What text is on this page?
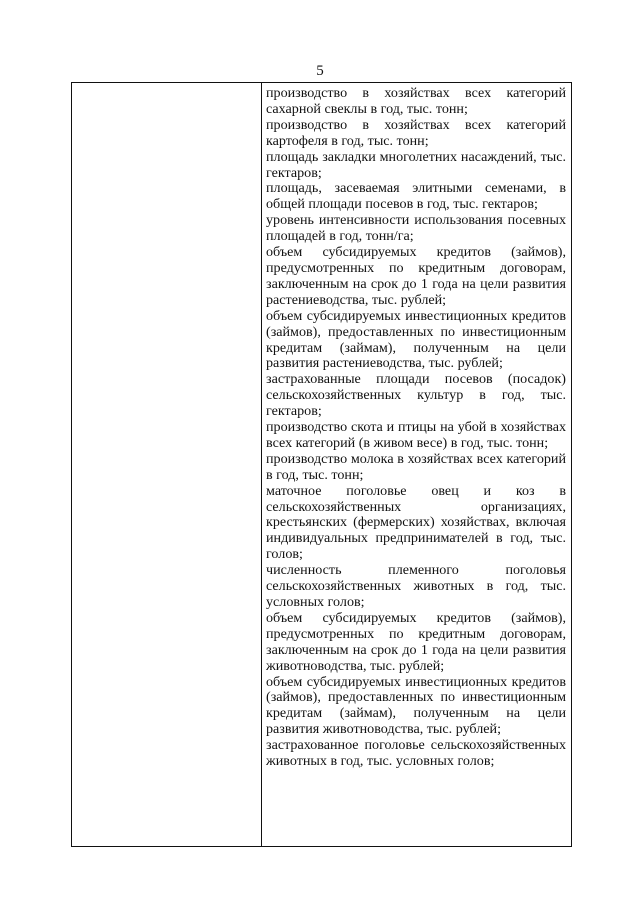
5

производство в хозяйствах всех категорий сахарной свеклы в год, тыс. тонн;

производство в хозяйствах всех категорий картофеля в год, тыс. тонн;

площадь закладки многолетних насаждений, тыс. гектаров;

площадь, засеваемая элитными семенами, в общей площади посевов в год, тыс. гектаров;

уровень интенсивности использования посевных площадей в год, тонн/га;

объем субсидируемых кредитов (займов), предусмотренных по кредитным договорам, заключенным на срок до 1 года на цели развития растениеводства, тыс. рублей;

объем субсидируемых инвестиционных кредитов (займов), предоставленных по инвестиционным кредитам (займам), полученным на цели развития растениеводства, тыс. рублей;

застрахованные площади посевов (посадок) сельскохозяйственных культур в год, тыс. гектаров;

производство скота и птицы на убой в хозяйствах всех категорий (в живом весе) в год, тыс. тонн;

производство молока в хозяйствах всех категорий в год, тыс. тонн;

маточное поголовье овец и коз в сельскохозяйственных организациях, крестьянских (фермерских) хозяйствах, включая индивидуальных предпринимателей в год, тыс. голов;

численность племенного поголовья сельскохозяйственных животных в год, тыс. условных голов;

объем субсидируемых кредитов (займов), предусмотренных по кредитным договорам, заключенным на срок до 1 года на цели развития животноводства, тыс. рублей;

объем субсидируемых инвестиционных кредитов (займов), предоставленных по инвестиционным кредитам (займам), полученным на цели развития животноводства, тыс. рублей;

застрахованное поголовье сельскохозяйственных животных в год, тыс. условных голов;
